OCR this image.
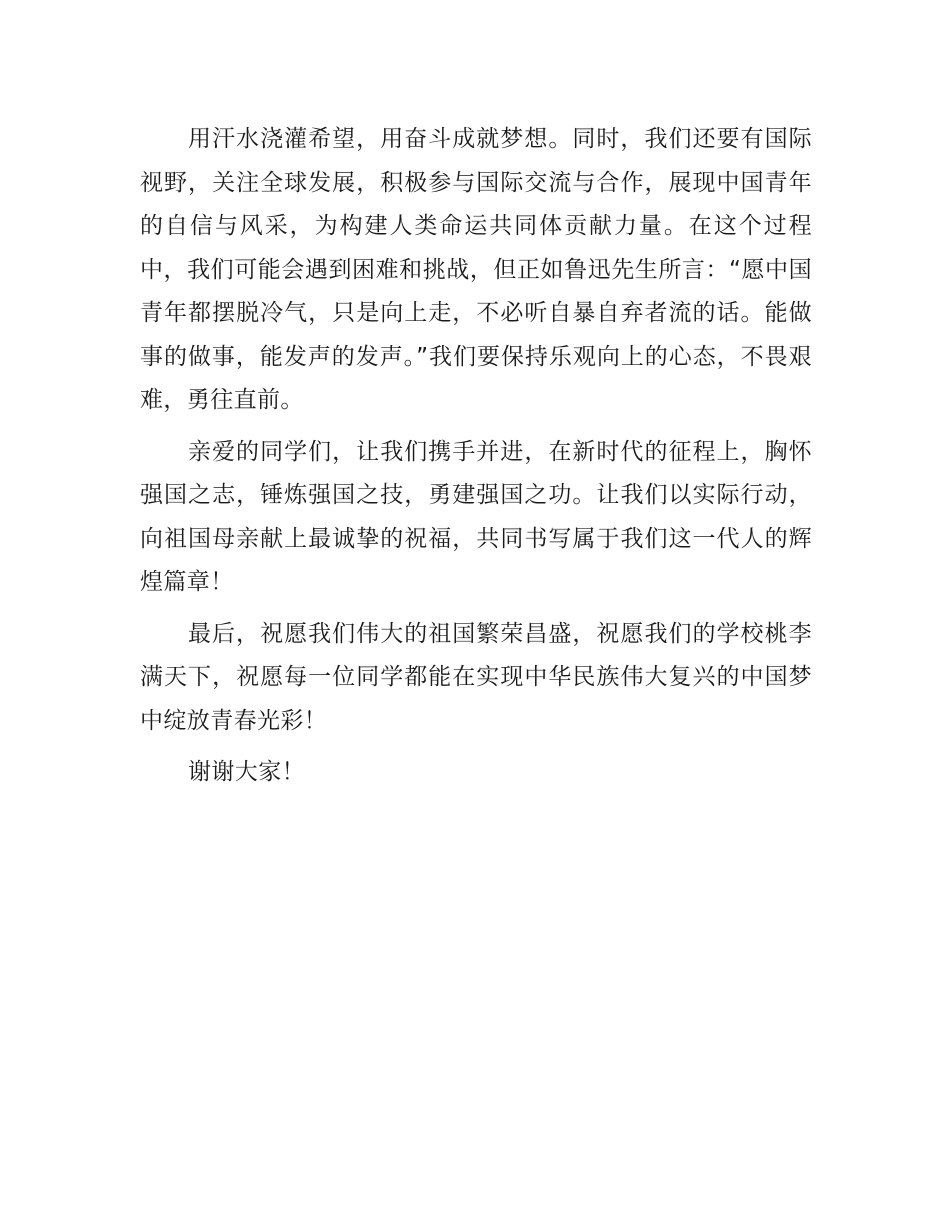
用汗水浇灌希望，用奋斗成就梦想。同时，我们还要有国际视野，关注全球发展，积极参与国际交流与合作，展现中国青年的自信与风采，为构建人类命运共同体贡献力量。在这个过程中，我们可能会遇到困难和挑战，但正如鲁迅先生所言：“愿中国青年都摆脱冷气，只是向上走，不必听自暴自弃者流的话。能做事的做事，能发声的发声。”我们要保持乐观向上的心态，不畏艰难，勇往直前。

亲爱的同学们，让我们携手并进，在新时代的征程上，胸怀强国之志，锤炼强国之技，勇建强国之功。让我们以实际行动，向祖国母亲献上最诚挚的祝福，共同书写属于我们这一代人的辉煌篇章！

最后，祝愿我们伟大的祖国繁荣昌盛，祝愿我们的学校桃李满天下，祝愿每一位同学都能在实现中华民族伟大复兴的中国梦中绽放青春光彩！

谢谢大家！
